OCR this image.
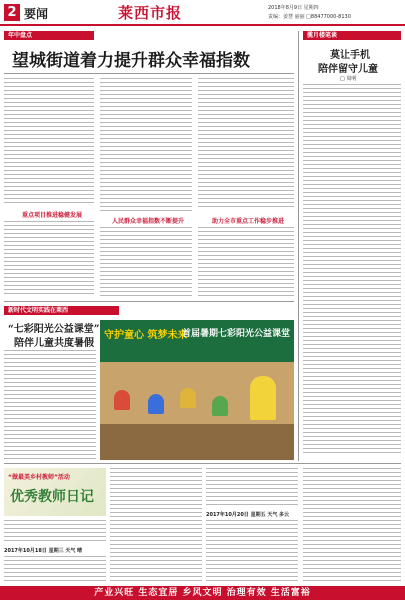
2 要闻	莱西市报	2018年8月9日 星期四
责编：姜慧 丽丽 □88477000-8130
年中盘点
望城街道着力提升群众幸福指数
重点项目推进稳健发展
人民群众幸福指数不断提升	助力全市重点工作稳步推进
揽月楼笔谈
莫让手机
陪伴留守儿童
□ 周明
新时代文明实践在莱西
“七彩阳光公益课堂”
陪伴儿童共度暑假
守护童心 筑梦未来
首届暑期七彩阳光公益课堂
“做最美乡村教师”活动
优秀教师日记
2017年10月18日 星期三 天气 晴
2017年10月20日 星期五 天气 多云
产业兴旺 生态宜居 乡风文明 治理有效 生活富裕
